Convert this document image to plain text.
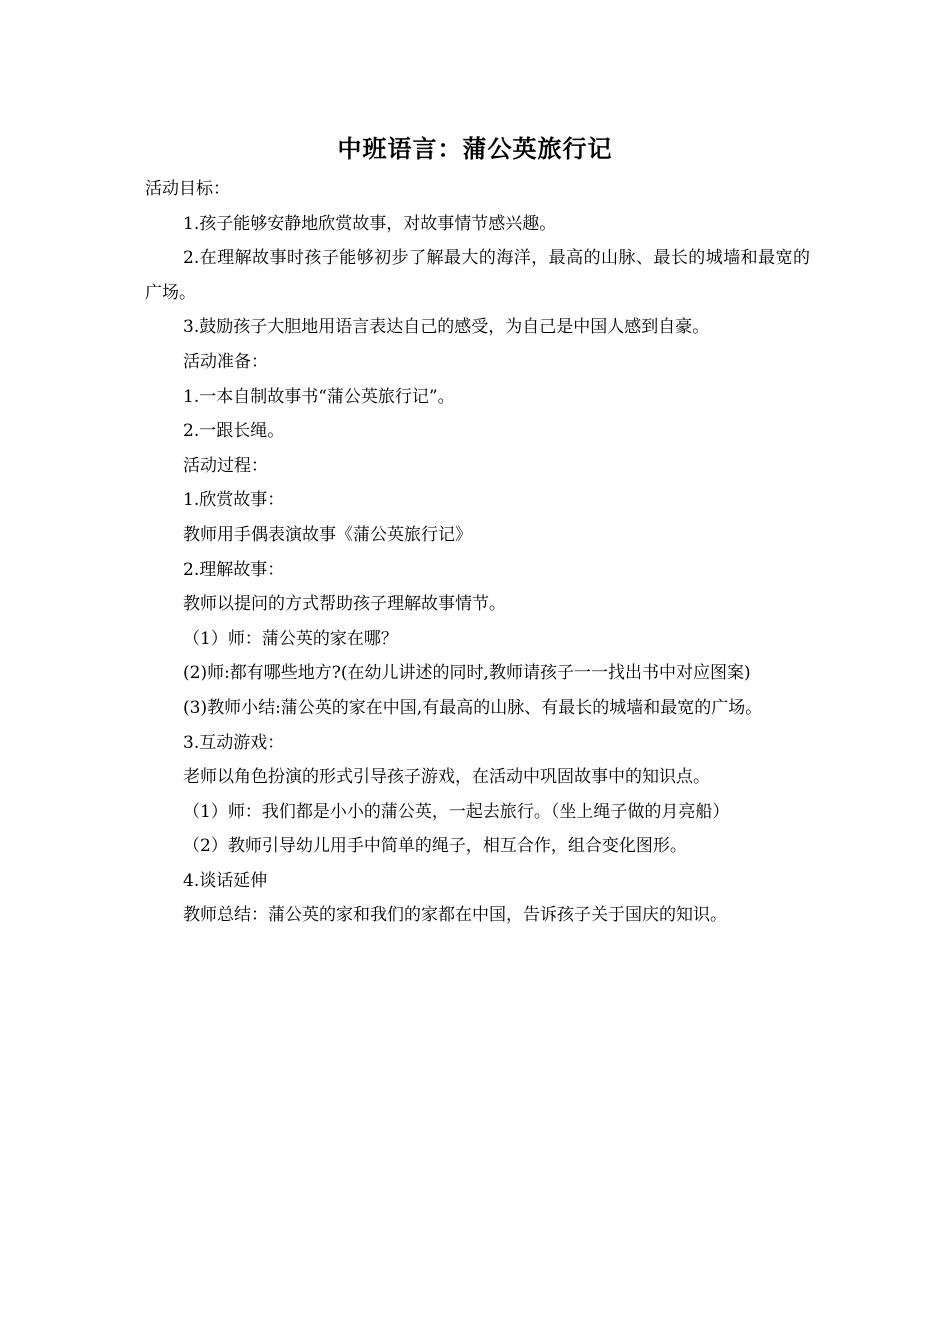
中班语言：蒲公英旅行记

活动目标：

1.孩子能够安静地欣赏故事，对故事情节感兴趣。

2.在理解故事时孩子能够初步了解最大的海洋，最高的山脉、最长的城墙和最宽的广场。

3.鼓励孩子大胆地用语言表达自己的感受，为自己是中国人感到自豪。

活动准备：

1.一本自制故事书“蒲公英旅行记”。

2.一跟长绳。

活动过程：

1.欣赏故事：

教师用手偶表演故事《蒲公英旅行记》

2.理解故事：

教师以提问的方式帮助孩子理解故事情节。

（1）师：蒲公英的家在哪？

(2)师:都有哪些地方?(在幼儿讲述的同时,教师请孩子一一找出书中对应图案)

(3)教师小结:蒲公英的家在中国,有最高的山脉、有最长的城墙和最宽的广场。

3.互动游戏：

老师以角色扮演的形式引导孩子游戏，在活动中巩固故事中的知识点。

（1）师：我们都是小小的蒲公英，一起去旅行。（坐上绳子做的月亮船）

（2）教师引导幼儿用手中简单的绳子，相互合作，组合变化图形。

4.谈话延伸

教师总结：蒲公英的家和我们的家都在中国，告诉孩子关于国庆的知识。
